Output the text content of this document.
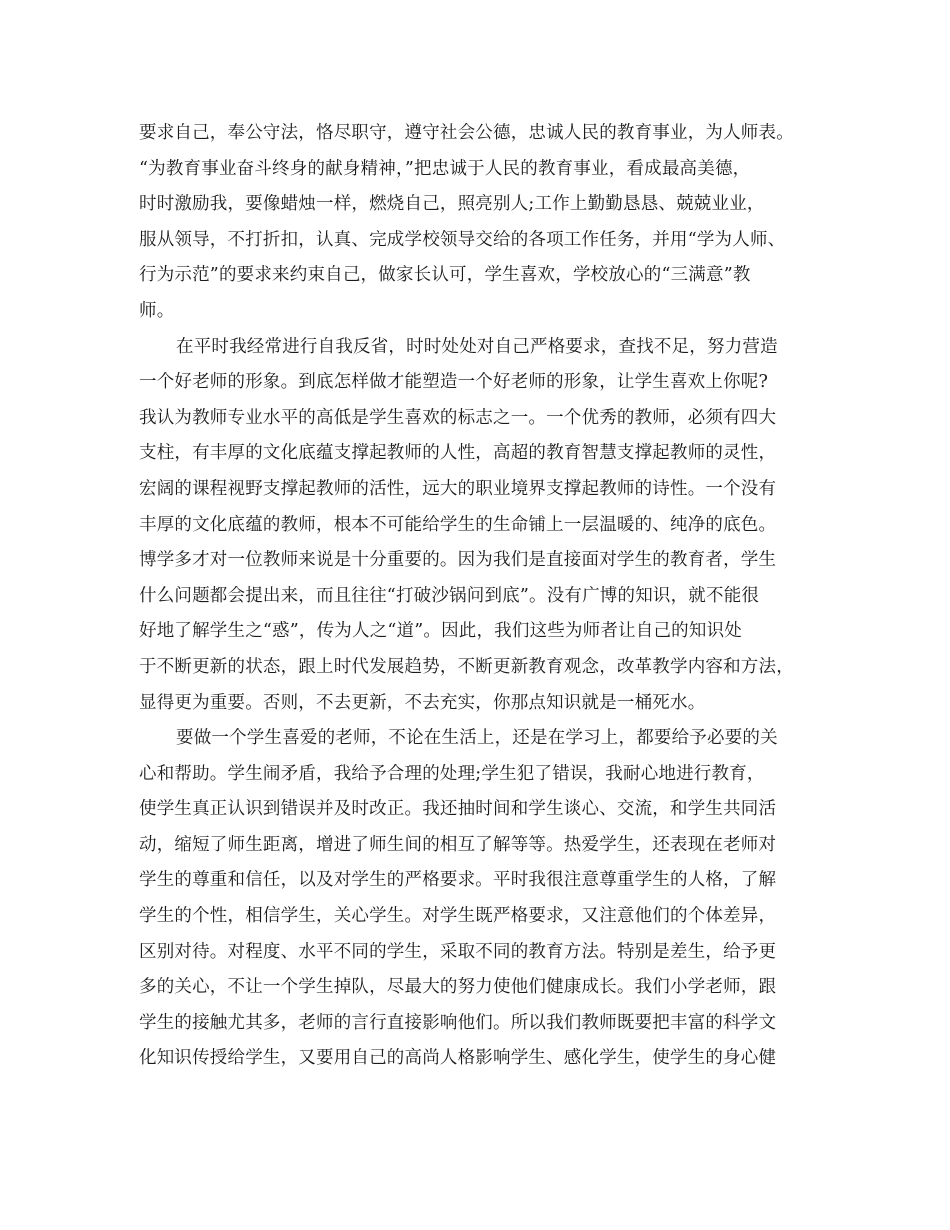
要求自己，奉公守法，恪尽职守，遵守社会公德，忠诚人民的教育事业，为人师表。
“为教育事业奋斗终身的献身精神，”把忠诚于人民的教育事业，看成最高美德，
时时激励我，要像蜡烛一样，燃烧自己，照亮别人;工作上勤勤恳恳、兢兢业业，
服从领导，不打折扣，认真、完成学校领导交给的各项工作任务，并用“学为人师、
行为示范”的要求来约束自己，做家长认可，学生喜欢，学校放心的“三满意”教
师。
在平时我经常进行自我反省，时时处处对自己严格要求，查找不足，努力营造
一个好老师的形象。到底怎样做才能塑造一个好老师的形象，让学生喜欢上你呢?
我认为教师专业水平的高低是学生喜欢的标志之一。一个优秀的教师，必须有四大
支柱，有丰厚的文化底蕴支撑起教师的人性，高超的教育智慧支撑起教师的灵性，
宏阔的课程视野支撑起教师的活性，远大的职业境界支撑起教师的诗性。一个没有
丰厚的文化底蕴的教师，根本不可能给学生的生命铺上一层温暖的、纯净的底色。
博学多才对一位教师来说是十分重要的。因为我们是直接面对学生的教育者，学生
什么问题都会提出来，而且往往“打破沙锅问到底”。没有广博的知识，就不能很
好地了解学生之“惑”，传为人之“道”。因此，我们这些为师者让自己的知识处
于不断更新的状态，跟上时代发展趋势，不断更新教育观念，改革教学内容和方法，
显得更为重要。否则，不去更新，不去充实，你那点知识就是一桶死水。
要做一个学生喜爱的老师，不论在生活上，还是在学习上，都要给予必要的关
心和帮助。学生闹矛盾，我给予合理的处理;学生犯了错误，我耐心地进行教育，
使学生真正认识到错误并及时改正。我还抽时间和学生谈心、交流，和学生共同活
动，缩短了师生距离，增进了师生间的相互了解等等。热爱学生，还表现在老师对
学生的尊重和信任，以及对学生的严格要求。平时我很注意尊重学生的人格，了解
学生的个性，相信学生，关心学生。对学生既严格要求，又注意他们的个体差异，
区别对待。对程度、水平不同的学生，采取不同的教育方法。特别是差生，给予更
多的关心，不让一个学生掉队，尽最大的努力使他们健康成长。我们小学老师，跟
学生的接触尤其多，老师的言行直接影响他们。所以我们教师既要把丰富的科学文
化知识传授给学生，又要用自己的高尚人格影响学生、感化学生，使学生的身心健
